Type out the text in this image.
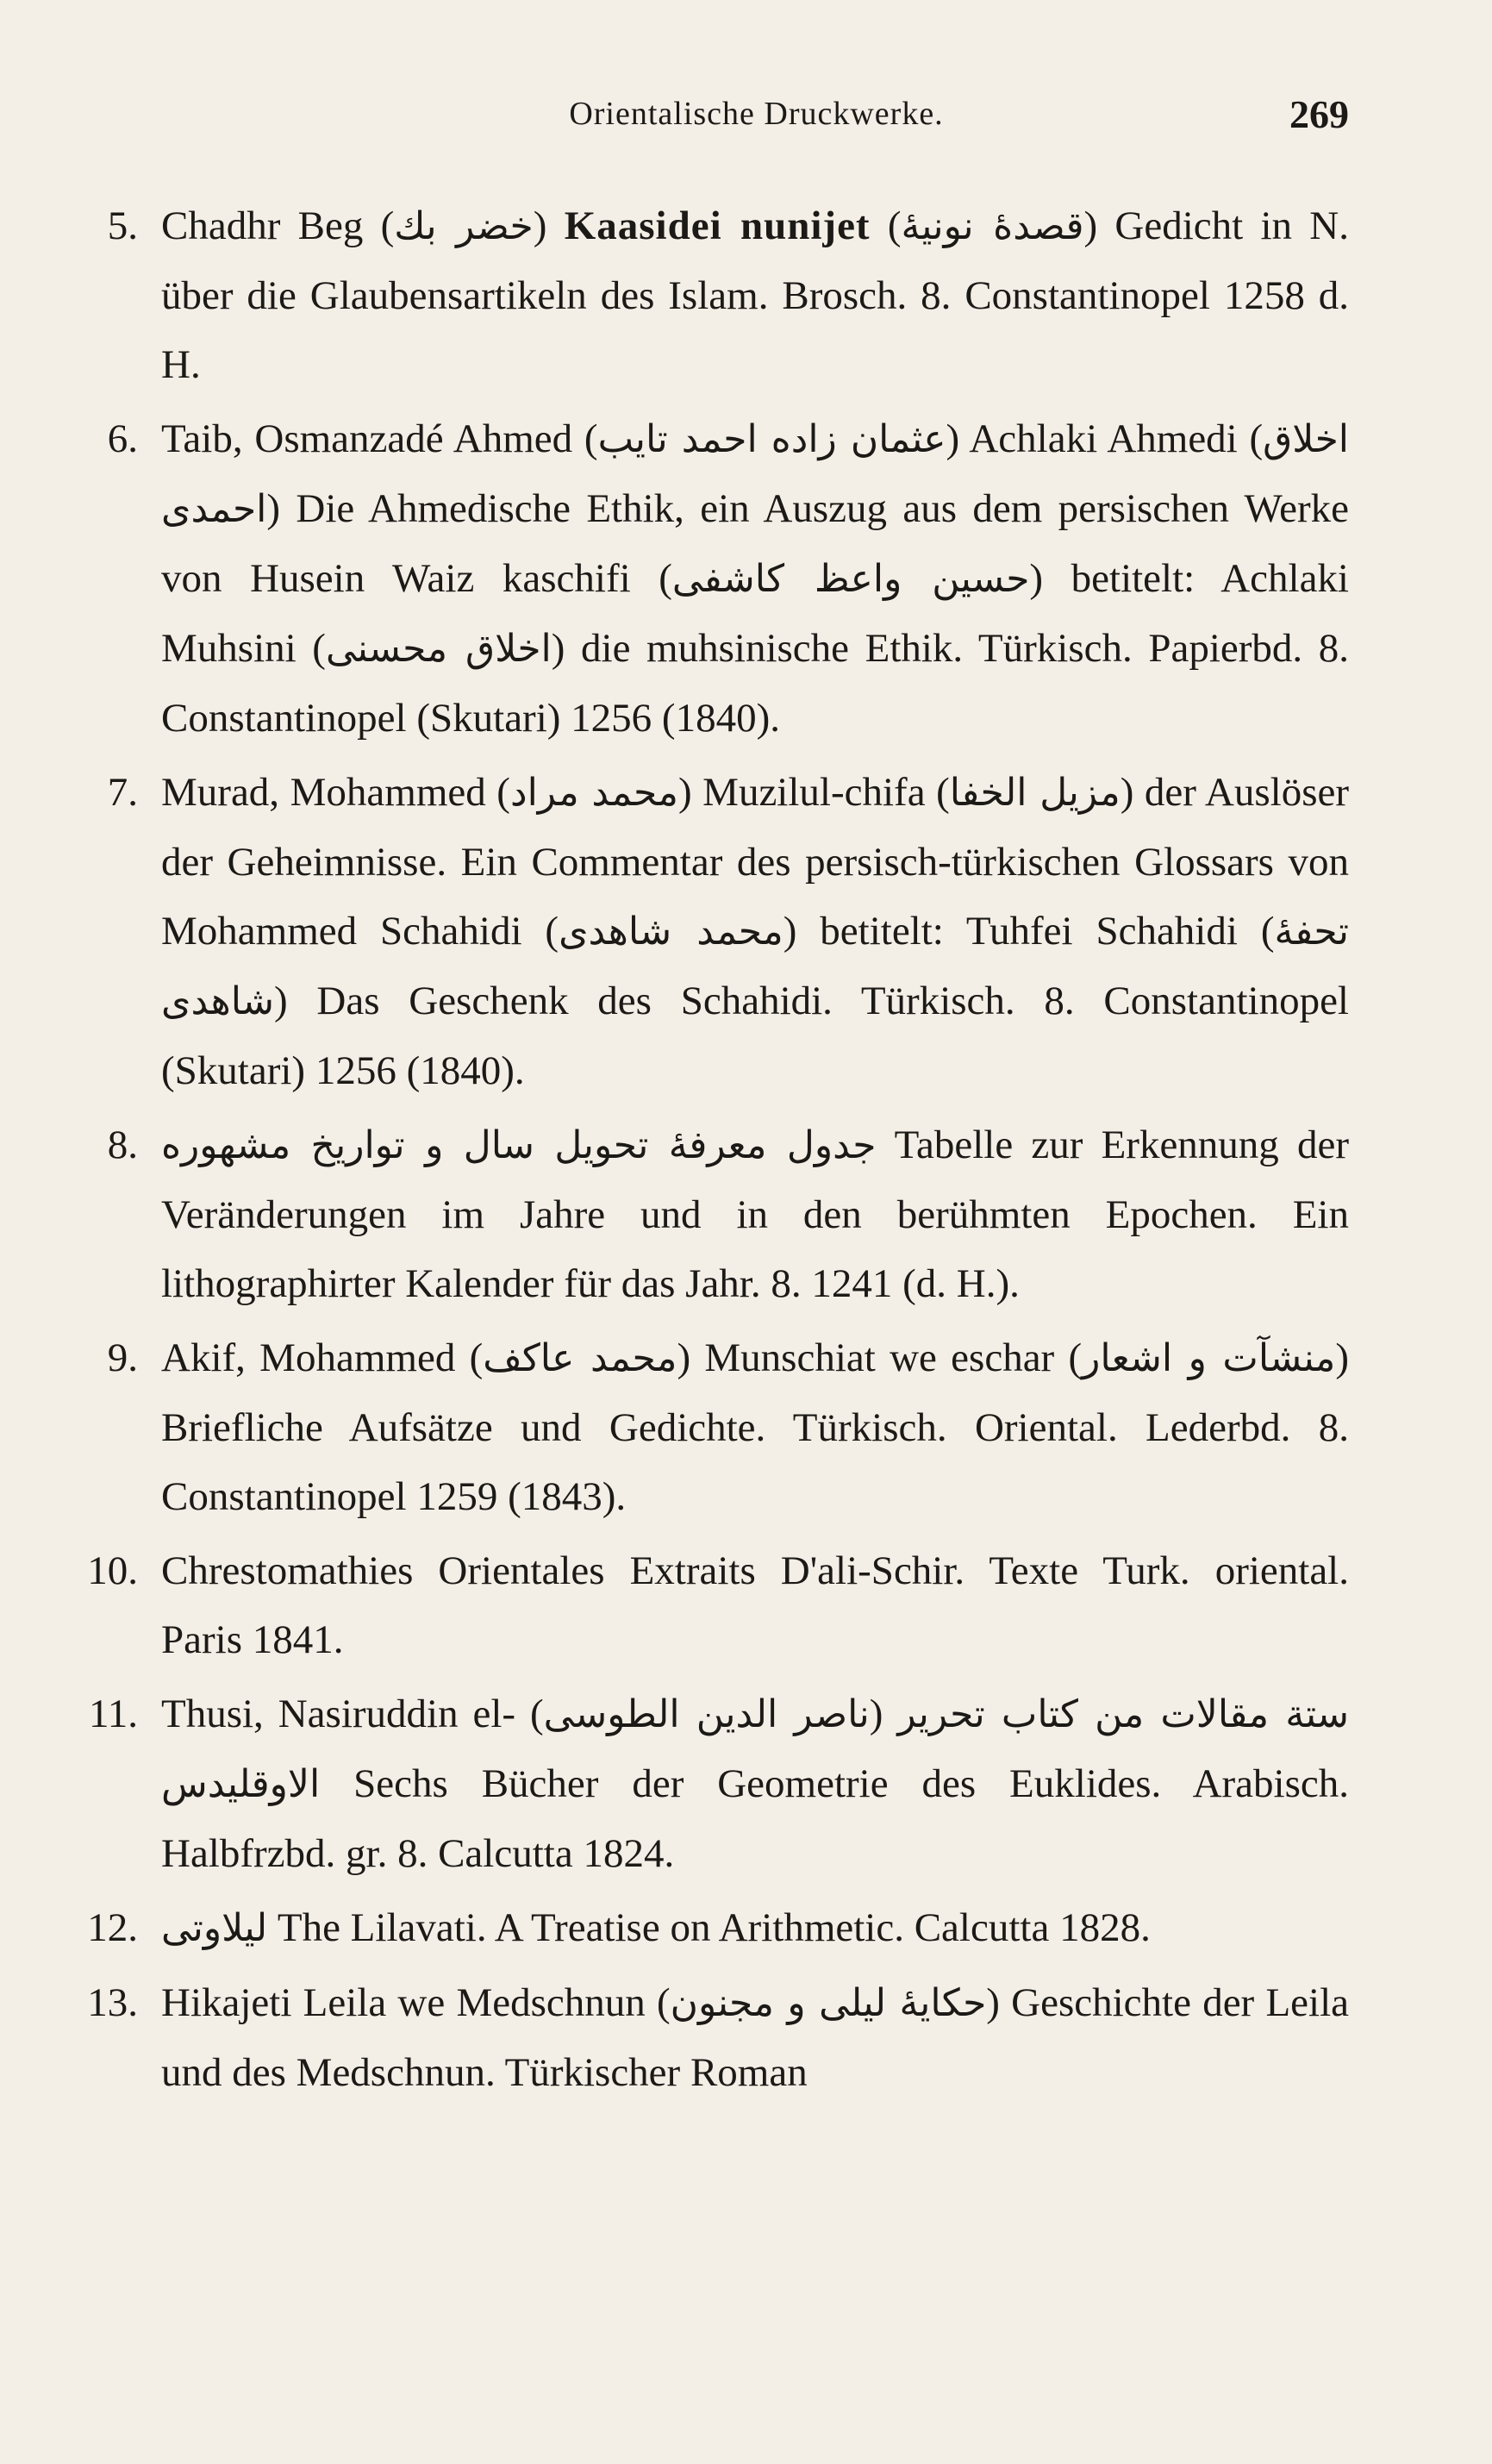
Orientalische Druckwerke.	269
5. Chadhr Beg (خضر بك) Kaasidei nunijet (قصدهٔ نونیهٔ) Gedicht in N. über die Glaubensartikeln des Islam. Brosch. 8. Constantinopel 1258 d. H.
6. Taib, Osmanzadé Ahmed (عثمان زاده احمد تايب) Achlaki Ahmedi (اخلاق احمدى) Die Ahmedische Ethik, ein Auszug aus dem persischen Werke von Husein Waiz kaschifi (حسين واعظ كاشفى) betitelt: Achlaki Muhsini (اخلاق محسنى) die muhsinische Ethik. Türkisch. Papierbd. 8. Constantinopel (Skutari) 1256 (1840).
7. Murad, Mohammed (محمد مراد) Muzilul-chifa (مزيل الخفا) der Auslöser der Geheimnisse. Ein Commentar des persisch-türkischen Glossars von Mohammed Schahidi (محمد شاهدى) betitelt: Tuhfei Schahidi (تحفهٔ شاهدى) Das Geschenk des Schahidi. Türkisch. 8. Constantinopel (Skutari) 1256 (1840).
8. جدول معرفهٔ تحويل سال و تواريخ مشهوره Tabelle zur Erkennung der Veränderungen im Jahre und in den berühmten Epochen. Ein lithographirter Kalender für das Jahr. 8. 1241 (d. H.).
9. Akif, Mohammed (محمد عاكف) Munschiat we eschar (منشآت و اشعار) Briefliche Aufsätze und Gedichte. Türkisch. Oriental. Lederbd. 8. Constantinopel 1259 (1843).
10. Chrestomathies Orientales Extraits D'ali-Schir. Texte Turk. oriental. Paris 1841.
11. Thusi, Nasiruddin el- (ناصر الدين الطوسى) ستة مقالات من كتاب تحرير الاوقليدس Sechs Bücher der Geometrie des Euklides. Arabisch. Halbfrzbd. gr. 8. Calcutta 1824.
12. ليلاوتى The Lilavati. A Treatise on Arithmetic. Calcutta 1828.
13. Hikajeti Leila we Medschnun (حكايهٔ ليلى و مجنون) Geschichte der Leila und des Medschnun. Türkischer Roman
